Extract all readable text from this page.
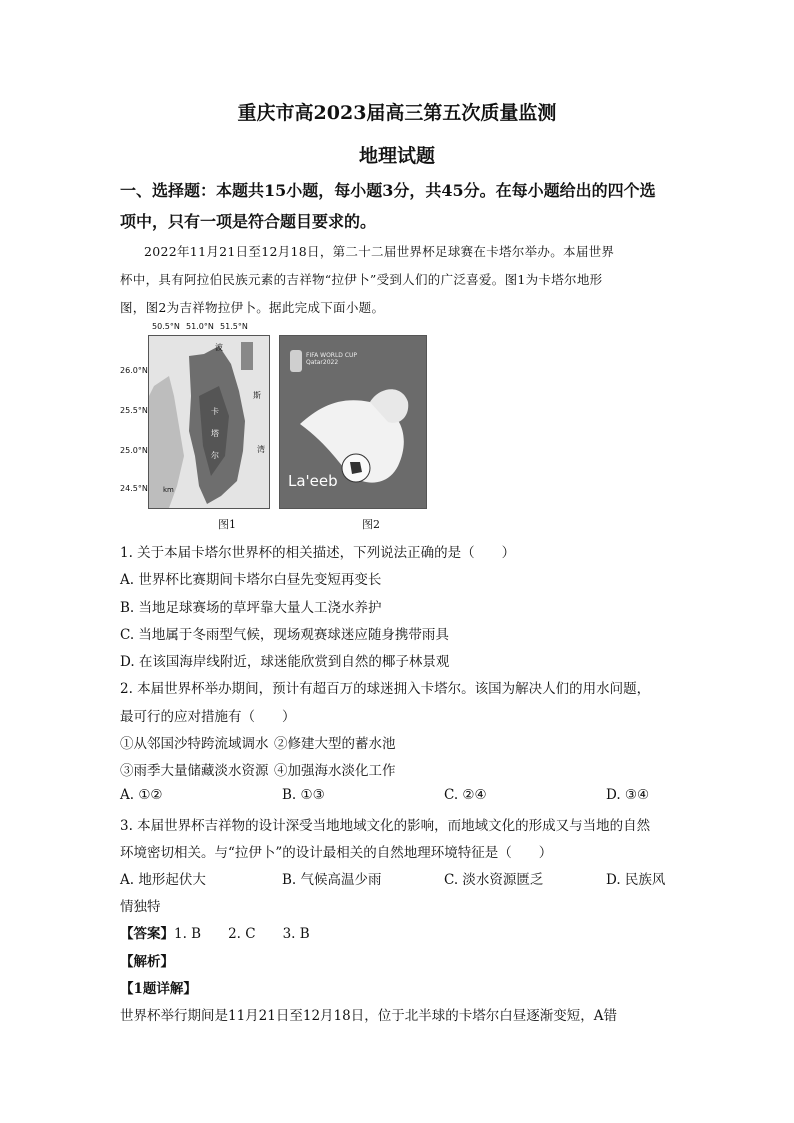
重庆市高2023届高三第五次质量监测
地理试题
一、选择题：本题共15小题，每小题3分，共45分。在每小题给出的四个选
项中，只有一项是符合题目要求的。
2022年11月21日至12月18日，第二十二届世界杯足球赛在卡塔尔举办。本届世界
杯中，具有阿拉伯民族元素的吉祥物“拉伊卜”受到人们的广泛喜爱。图1为卡塔尔地形
图，图2为吉祥物拉伊卜。据此完成下面小题。
50.5°N 51.0°N 51.5°N
波
斯
湾
卡
塔
尔
km
26.0°N
25.5°N
25.0°N
24.5°N
图1
FIFA WORLD CUP Qatar2022
La'eeb
图2
1. 关于本届卡塔尔世界杯的相关描述，下列说法正确的是（　　）
A. 世界杯比赛期间卡塔尔白昼先变短再变长
B. 当地足球赛场的草坪靠大量人工浇水养护
C. 当地属于冬雨型气候，现场观赛球迷应随身携带雨具
D. 在该国海岸线附近，球迷能欣赏到自然的椰子林景观
2. 本届世界杯举办期间，预计有超百万的球迷拥入卡塔尔。该国为解决人们的用水问题，
最可行的应对措施有（　　）
①从邻国沙特跨流域调水 ②修建大型的蓄水池
③雨季大量储藏淡水资源 ④加强海水淡化工作
A. ①②	B. ①③	C. ②④	D. ③④
3. 本届世界杯吉祥物的设计深受当地地域文化的影响，而地域文化的形成又与当地的自然
环境密切相关。与“拉伊卜”的设计最相关的自然地理环境特征是（　　）
A. 地形起伏大	B. 气候高温少雨	C. 淡水资源匮乏	D. 民族风
情独特
【答案】1. B　　2. C　　3. B
【解析】
【1题详解】
世界杯举行期间是11月21日至12月18日，位于北半球的卡塔尔白昼逐渐变短，A错
